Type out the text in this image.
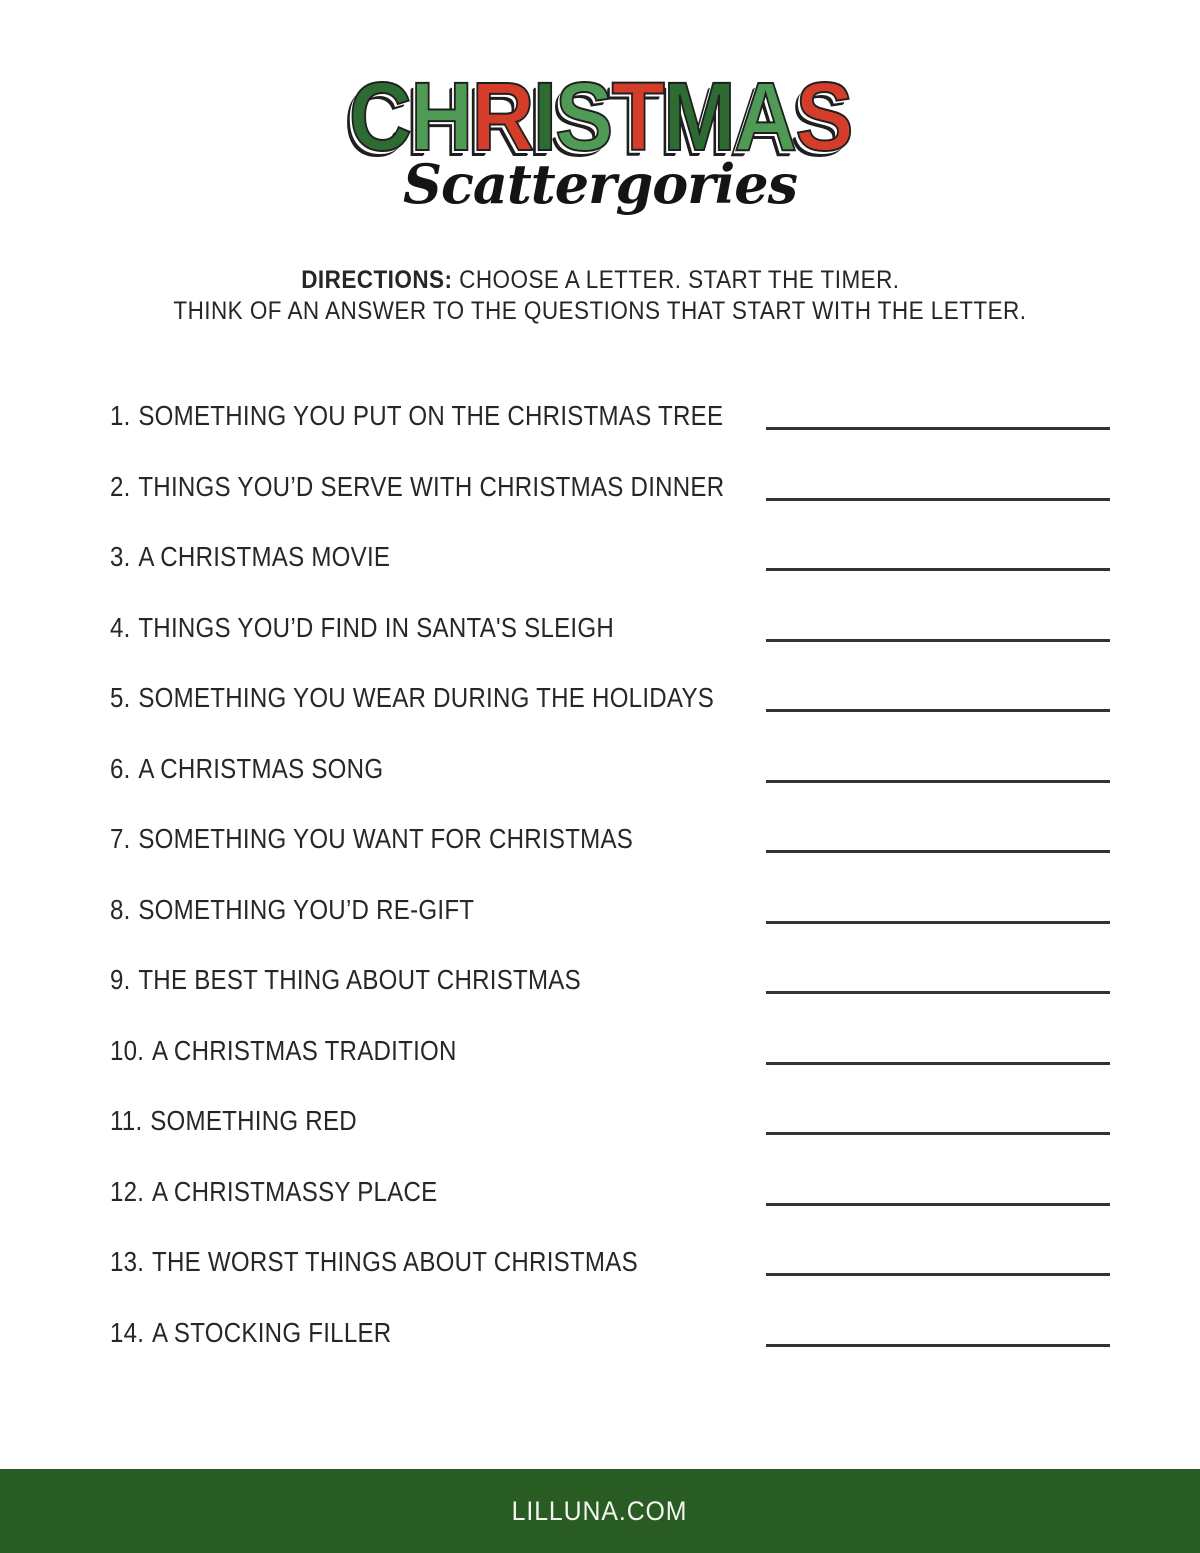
CHRISTMAS
Scattergories
DIRECTIONS: CHOOSE A LETTER. START THE TIMER.
THINK OF AN ANSWER TO THE QUESTIONS THAT START WITH THE LETTER.
1. SOMETHING YOU PUT ON THE CHRISTMAS TREE
2. THINGS YOU’D SERVE WITH CHRISTMAS DINNER
3. A CHRISTMAS MOVIE
4. THINGS YOU’D FIND IN SANTA'S SLEIGH
5. SOMETHING YOU WEAR DURING THE HOLIDAYS
6. A CHRISTMAS SONG
7. SOMETHING YOU WANT FOR CHRISTMAS
8. SOMETHING YOU’D RE-GIFT
9. THE BEST THING ABOUT CHRISTMAS
10. A CHRISTMAS TRADITION
11. SOMETHING RED
12. A CHRISTMASSY PLACE
13. THE WORST THINGS ABOUT CHRISTMAS
14. A STOCKING FILLER
LILLUNA.COM
